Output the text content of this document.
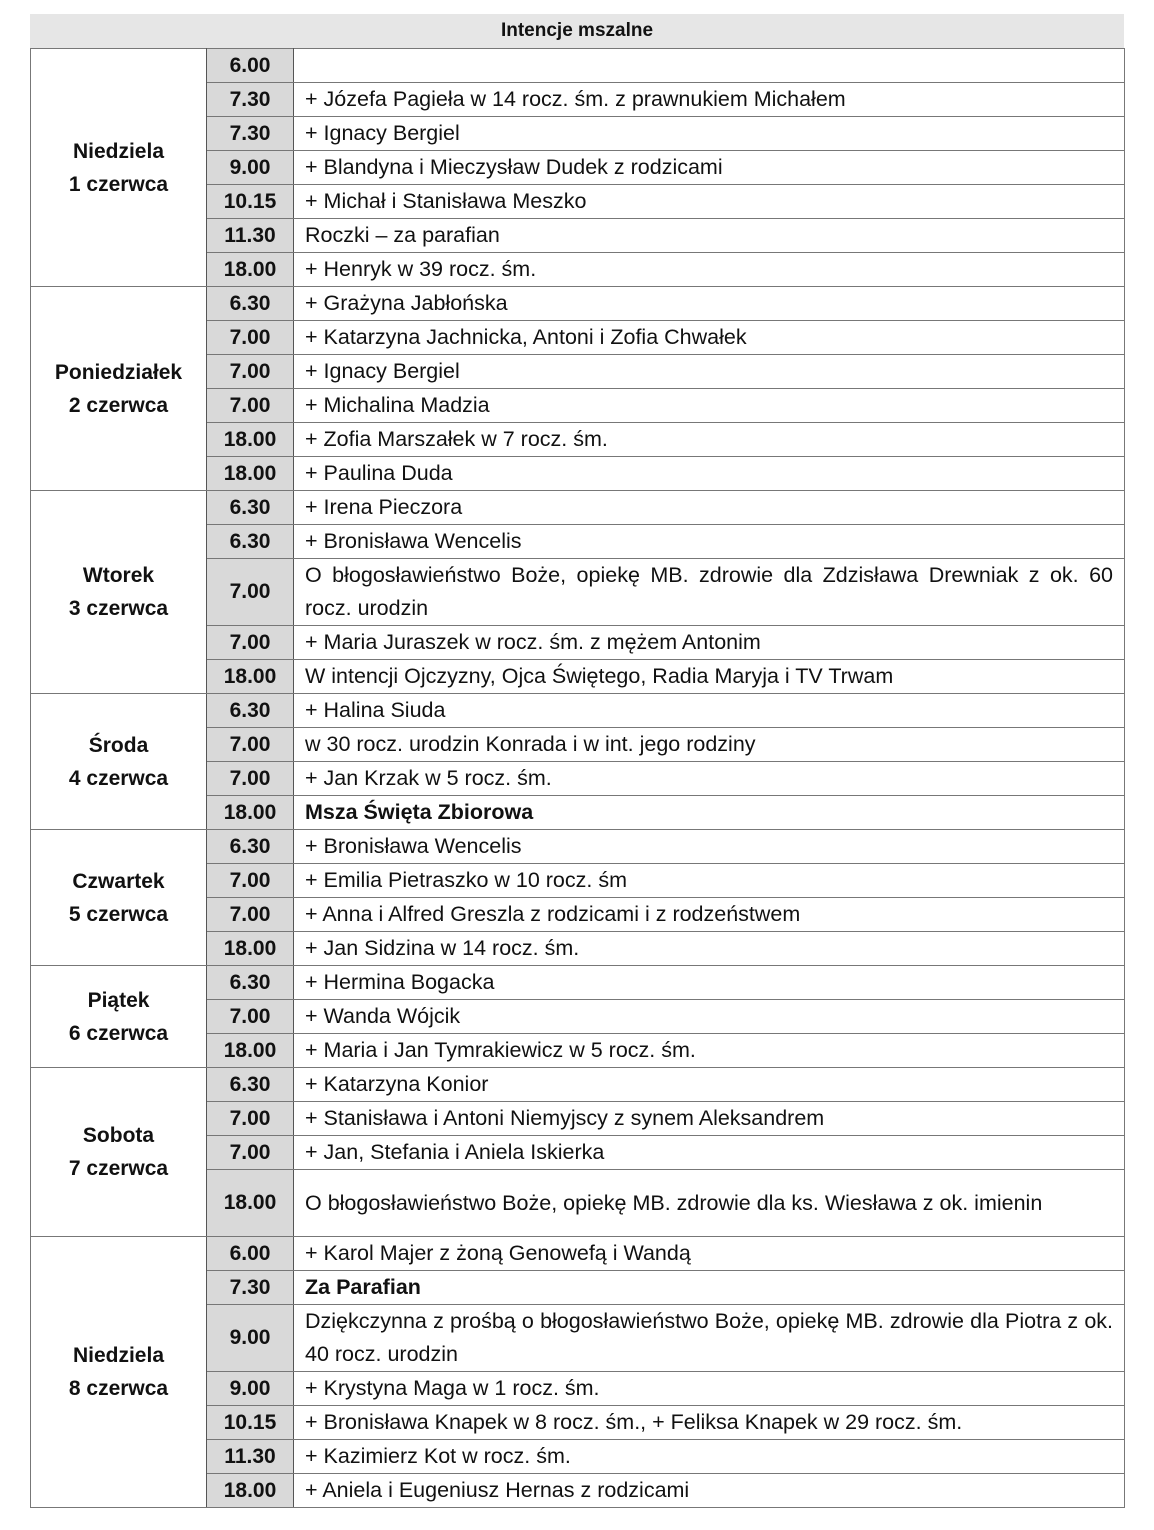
Intencje mszalne
Niedziela
1 czerwca	6.00	
	7.30	+ Józefa Pagieła w 14 rocz. śm. z prawnukiem Michałem
	7.30	+ Ignacy Bergiel
	9.00	+ Blandyna i Mieczysław Dudek z rodzicami
	10.15	+ Michał i Stanisława Meszko
	11.30	Roczki – za parafian
	18.00	+ Henryk w 39 rocz. śm.

Poniedziałek
2 czerwca	6.30	+ Grażyna Jabłońska
	7.00	+ Katarzyna Jachnicka, Antoni i Zofia Chwałek
	7.00	+ Ignacy Bergiel
	7.00	+ Michalina Madzia
	18.00	+ Zofia Marszałek w 7 rocz. śm.
	18.00	+ Paulina Duda

Wtorek
3 czerwca	6.30	+ Irena Pieczora
	6.30	+ Bronisława Wencelis
	7.00	O błogosławieństwo Boże, opiekę MB. zdrowie dla Zdzisława Drewniak z ok. 60 rocz. urodzin
	7.00	+ Maria Juraszek w rocz. śm. z mężem Antonim
	18.00	W intencji Ojczyzny, Ojca Świętego, Radia Maryja i TV Trwam

Środa
4 czerwca	6.30	+ Halina Siuda
	7.00	w 30 rocz. urodzin Konrada i w int. jego rodziny
	7.00	+ Jan Krzak w 5 rocz. śm.
	18.00	Msza Święta Zbiorowa

Czwartek
5 czerwca	6.30	+ Bronisława Wencelis
	7.00	+ Emilia Pietraszko w 10 rocz. śm
	7.00	+ Anna i Alfred Greszla z rodzicami i z rodzeństwem
	18.00	+ Jan Sidzina w 14 rocz. śm.

Piątek
6 czerwca	6.30	+ Hermina Bogacka
	7.00	+ Wanda Wójcik
	18.00	+ Maria i Jan Tymrakiewicz w 5 rocz. śm.

Sobota
7 czerwca	6.30	+ Katarzyna Konior
	7.00	+ Stanisława i Antoni Niemyjscy z synem Aleksandrem
	7.00	+ Jan, Stefania i Aniela Iskierka
	18.00	O błogosławieństwo Boże, opiekę MB. zdrowie dla ks. Wiesława z ok. imienin

Niedziela
8 czerwca	6.00	+ Karol Majer z żoną Genowefą i Wandą
	7.30	Za Parafian
	9.00	Dziękczynna z prośbą o błogosławieństwo Boże, opiekę MB. zdrowie dla Piotra z ok. 40 rocz. urodzin
	9.00	+ Krystyna Maga w 1 rocz. śm.
	10.15	+ Bronisława Knapek w 8 rocz. śm., + Feliksa Knapek w 29 rocz. śm.
	11.30	+ Kazimierz Kot w rocz. śm.
	18.00	+ Aniela i Eugeniusz Hernas z rodzicami
